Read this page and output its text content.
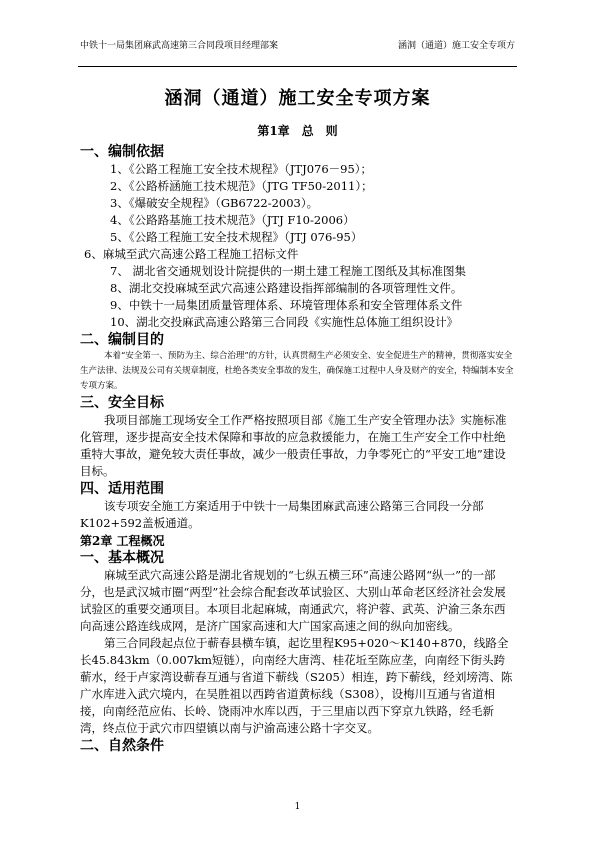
中铁十一局集团麻武高速第三合同段项目经理部案	涵洞（通道）施工安全专项方
涵洞（通道）施工安全专项方案
第1章　总　则
一、编制依据
1、《公路工程施工安全技术规程》（JTJ076－95）；
2、《公路桥涵施工技术规范》（JTG TF50-2011）；
3、《爆破安全规程》（GB6722-2003）。
4、《公路路基施工技术规范》（JTJ F10-2006）
5、《公路工程施工安全技术规程》（JTJ 076-95）
6、麻城至武穴高速公路工程施工招标文件
7、 湖北省交通规划设计院提供的一期土建工程施工图纸及其标准图集
8、湖北交投麻城至武穴高速公路建设指挥部编制的各项管理性文件。
9、中铁十一局集团质量管理体系、环境管理体系和安全管理体系文件
10、湖北交投麻武高速公路第三合同段《实施性总体施工组织设计》
二、编制目的
本着“安全第一、预防为主、综合治理”的方针，认真贯彻生产必须安全、安全促进生产的精神，贯彻落实安全生产法律、法规及公司有关规章制度，杜绝各类安全事故的发生，确保施工过程中人身及财产的安全，特编制本安全专项方案。
三、安全目标
我项目部施工现场安全工作严格按照项目部《施工生产安全管理办法》实施标准化管理，逐步提高安全技术保障和事故的应急救援能力，在施工生产安全工作中杜绝重特大事故，避免较大责任事故，减少一般责任事故，力争零死亡的“平安工地”建设目标。
四、适用范围
该专项安全施工方案适用于中铁十一局集团麻武高速公路第三合同段一分部K102+592盖板通道。
第2章 工程概况
一、基本概况
麻城至武穴高速公路是湖北省规划的“七纵五横三环”高速公路网“纵一”的一部分，也是武汉城市圈“两型”社会综合配套改革试验区、大别山革命老区经济社会发展试验区的重要交通项目。本项目北起麻城，南通武穴，将沪蓉、武英、沪渝三条东西向高速公路连线成网，是济广国家高速和大广国家高速之间的纵向加密线。
第三合同段起点位于蕲春县横车镇，起讫里程K95+020～K140+870，线路全长45.843km（0.007km短链），向南经大唐湾、桂花坵至陈应垄，向南经下街头跨蕲水，经于卢家湾设蕲春互通与省道下蕲线（S205）相连，跨下蕲线，经刘塝湾、陈广水库进入武穴境内，在吴胜祖以西跨省道黄标线（S308），设梅川互通与省道相接，向南经范应佑、长岭、饶雨冲水库以西，于三里庙以西下穿京九铁路，经毛新湾，终点位于武穴市四望镇以南与沪渝高速公路十字交叉。
二、自然条件
1
